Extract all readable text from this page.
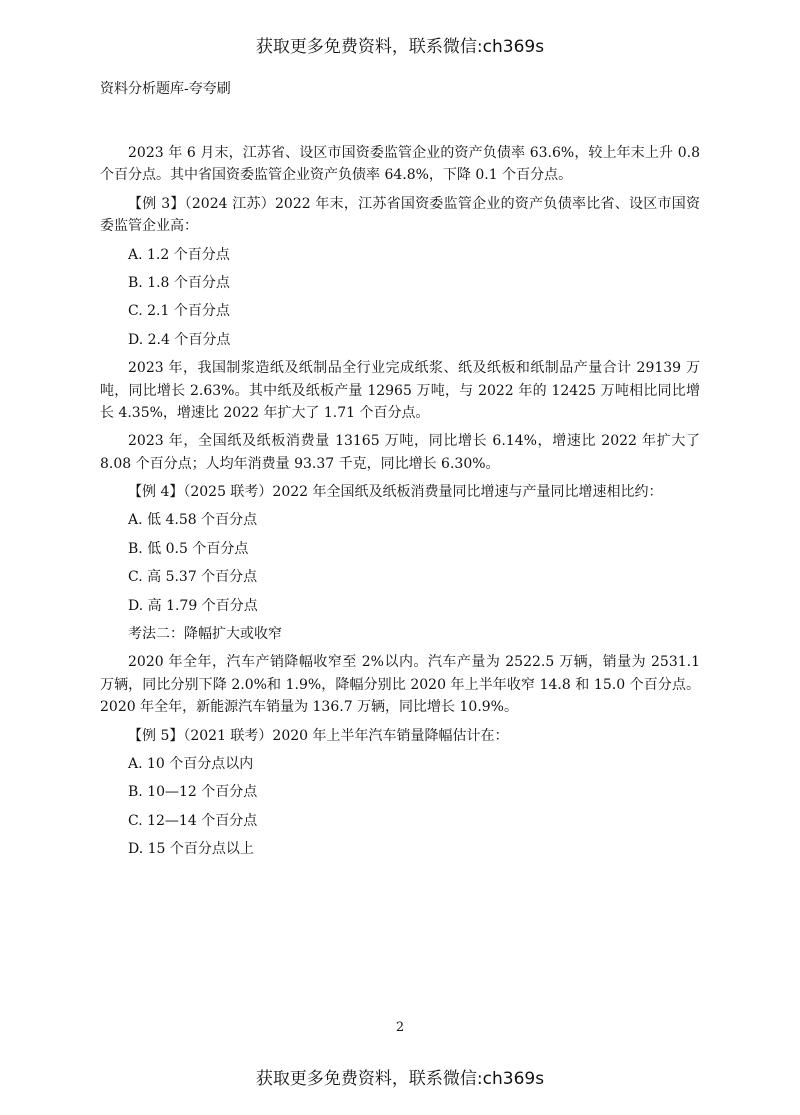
获取更多免费资料，联系微信:ch369s
资料分析题库-夸夸刷

2023 年 6 月末，江苏省、设区市国资委监管企业的资产负债率 63.6%，较上年末上升 0.8 个百分点。其中省国资委监管企业资产负债率 64.8%，下降 0.1 个百分点。

【例 3】（2024 江苏）2022 年末，江苏省国资委监管企业的资产负债率比省、设区市国资委监管企业高：

A. 1.2 个百分点

B. 1.8 个百分点

C. 2.1 个百分点

D. 2.4 个百分点

2023 年，我国制浆造纸及纸制品全行业完成纸浆、纸及纸板和纸制品产量合计 29139 万吨，同比增长 2.63%。其中纸及纸板产量 12965 万吨，与 2022 年的 12425 万吨相比同比增长 4.35%，增速比 2022 年扩大了 1.71 个百分点。

2023 年，全国纸及纸板消费量 13165 万吨，同比增长 6.14%，增速比 2022 年扩大了 8.08 个百分点；人均年消费量 93.37 千克，同比增长 6.30%。

【例 4】（2025 联考）2022 年全国纸及纸板消费量同比增速与产量同比增速相比约：

A. 低 4.58 个百分点

B. 低 0.5 个百分点

C. 高 5.37 个百分点

D. 高 1.79 个百分点

考法二：降幅扩大或收窄

2020 年全年，汽车产销降幅收窄至 2%以内。汽车产量为 2522.5 万辆，销量为 2531.1 万辆，同比分别下降 2.0%和 1.9%，降幅分别比 2020 年上半年收窄 14.8 和 15.0 个百分点。2020 年全年，新能源汽车销量为 136.7 万辆，同比增长 10.9%。

【例 5】（2021 联考）2020 年上半年汽车销量降幅估计在：

A. 10 个百分点以内

B. 10—12 个百分点

C. 12—14 个百分点

D. 15 个百分点以上

2
获取更多免费资料，联系微信:ch369s
